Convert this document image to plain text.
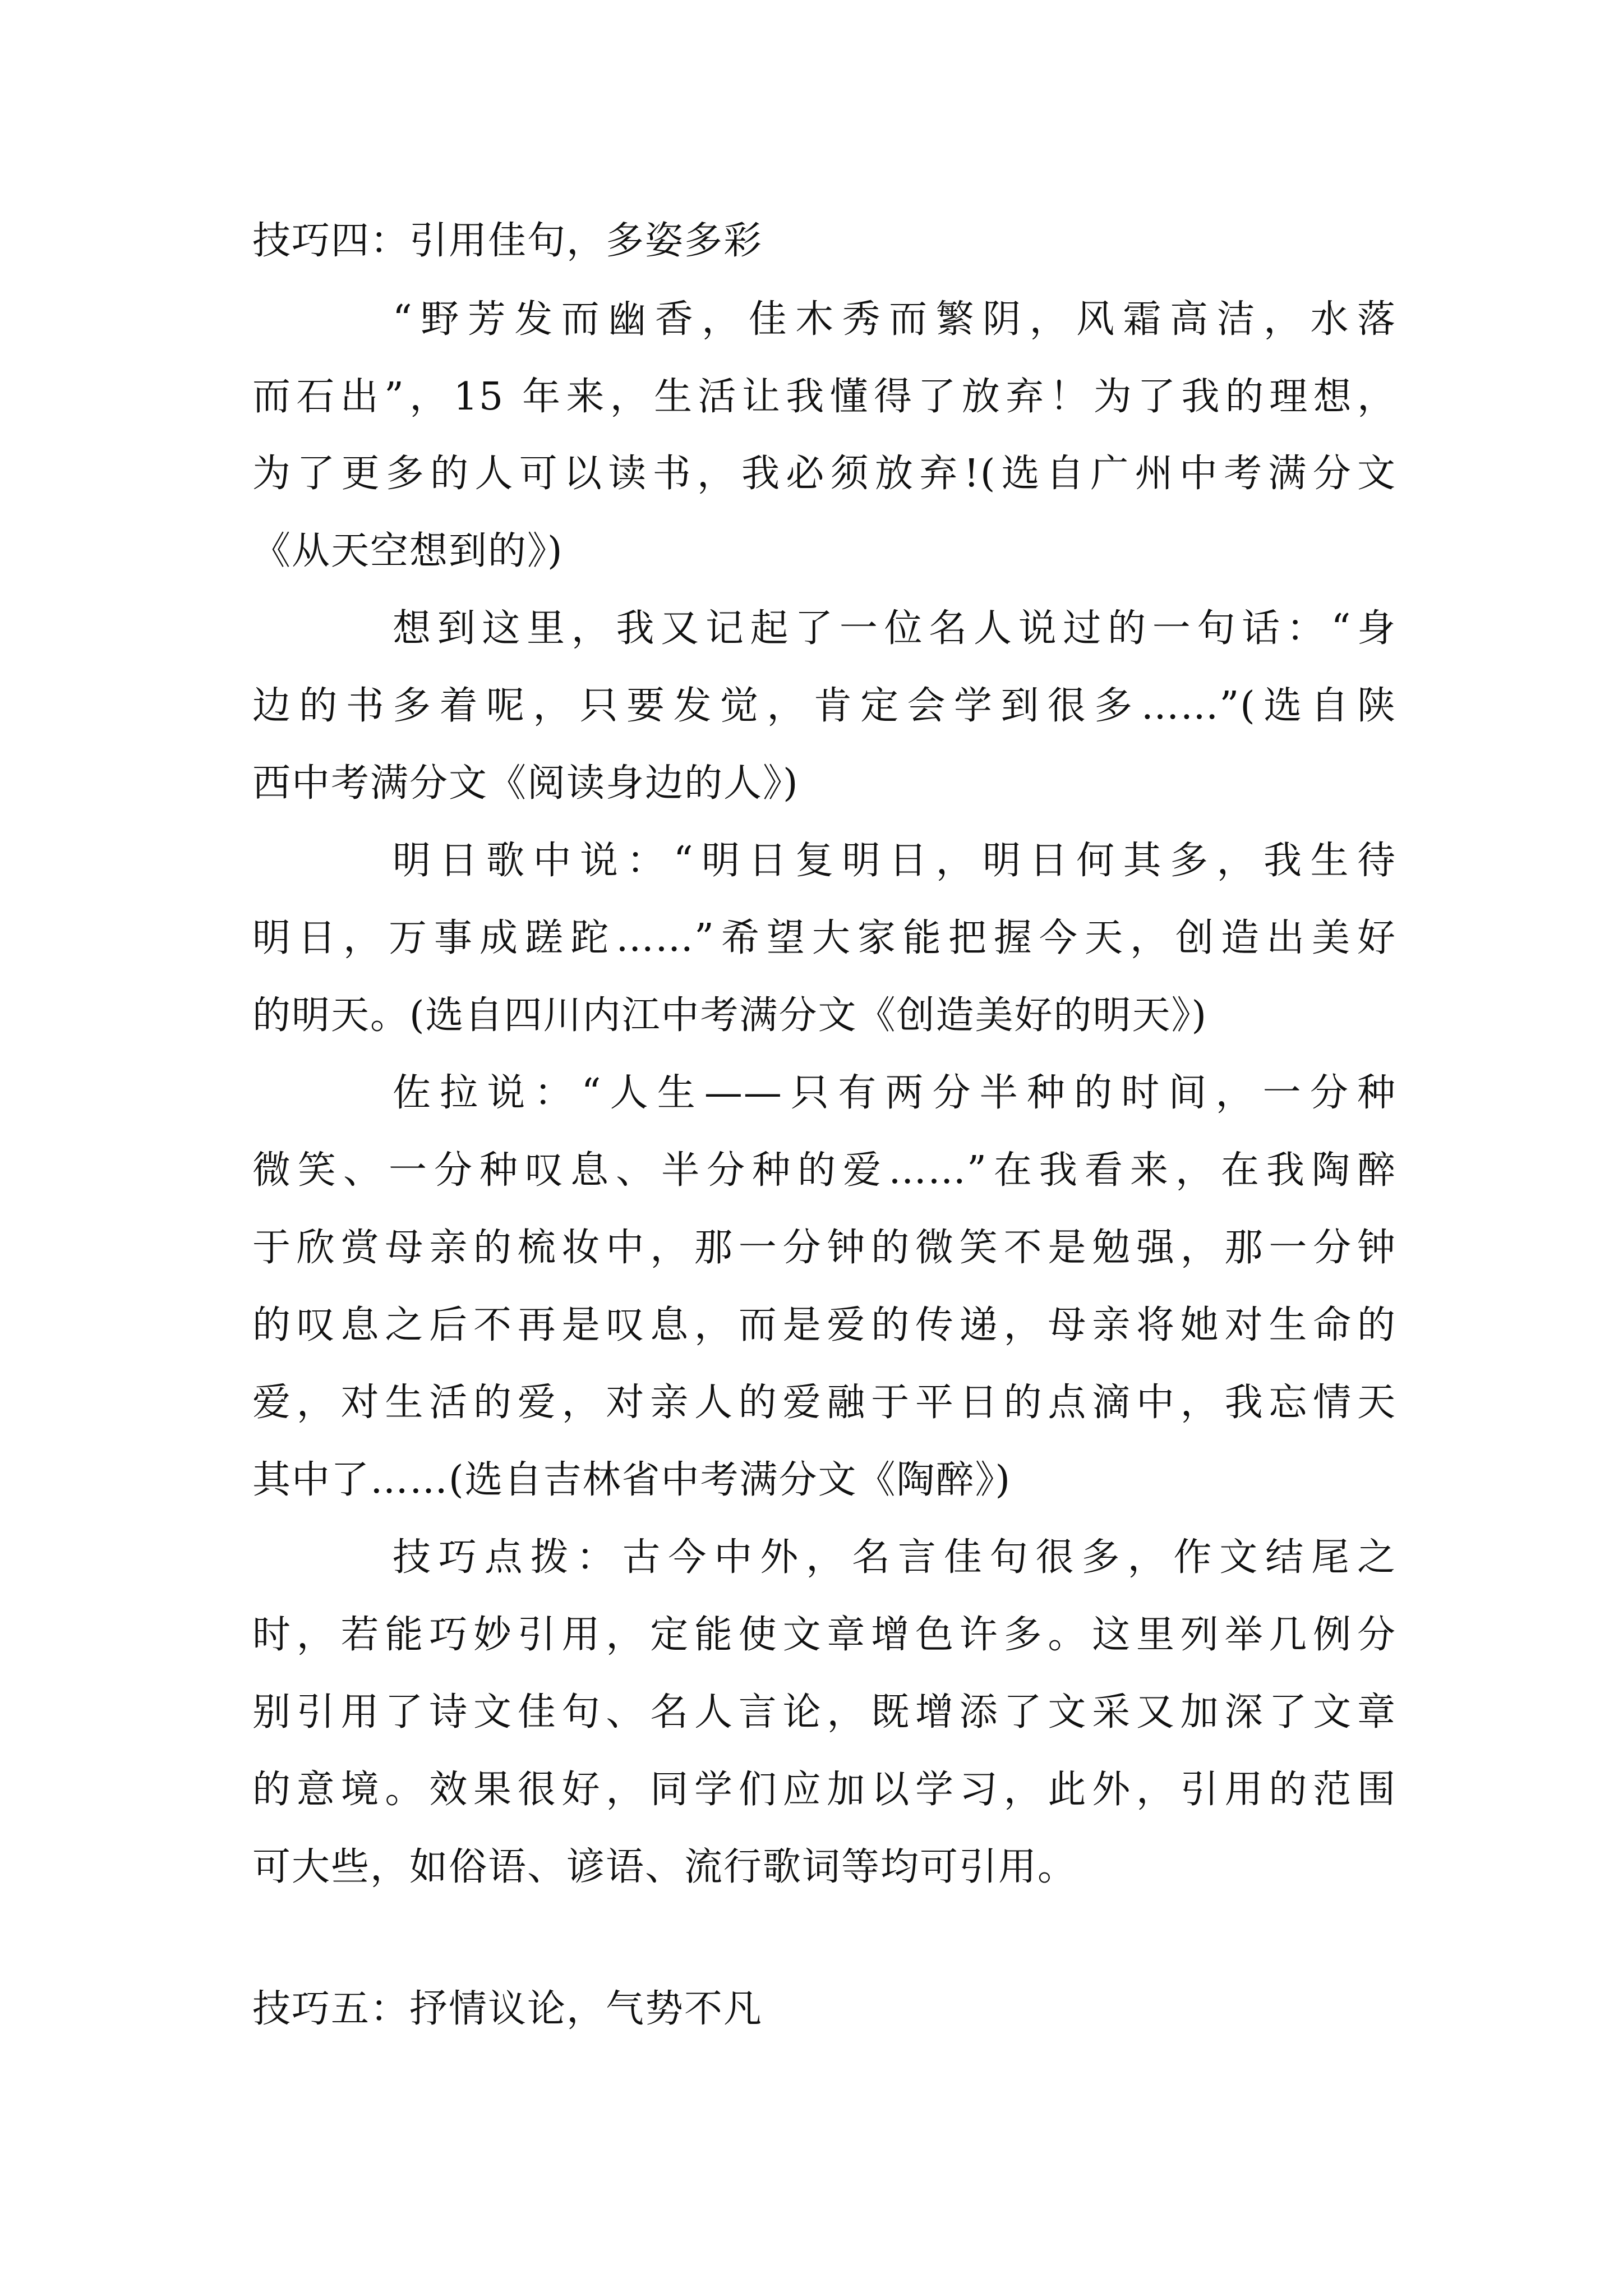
技巧四：引用佳句，多姿多彩
“野芳发而幽香，佳木秀而繁阴，风霜高洁，水落
而石出”，15 年来，生活让我懂得了放弃！为了我的理想，
为了更多的人可以读书，我必须放弃!(选自广州中考满分文
《从天空想到的》)
想到这里，我又记起了一位名人说过的一句话：“身
边的书多着呢，只要发觉，肯定会学到很多……”(选自陕
西中考满分文《阅读身边的人》)
明日歌中说：“明日复明日，明日何其多，我生待
明日，万事成蹉跎……”希望大家能把握今天，创造出美好
的明天。(选自四川内江中考满分文《创造美好的明天》)
佐拉说：“人生——只有两分半种的时间，一分种
微笑、一分种叹息、半分种的爱……”在我看来，在我陶醉
于欣赏母亲的梳妆中，那一分钟的微笑不是勉强，那一分钟
的叹息之后不再是叹息，而是爱的传递，母亲将她对生命的
爱，对生活的爱，对亲人的爱融于平日的点滴中，我忘情天
其中了……(选自吉林省中考满分文《陶醉》)
技巧点拨：古今中外，名言佳句很多，作文结尾之
时，若能巧妙引用，定能使文章增色许多。这里列举几例分
别引用了诗文佳句、名人言论，既增添了文采又加深了文章
的意境。效果很好，同学们应加以学习，此外，引用的范围
可大些，如俗语、谚语、流行歌词等均可引用。
技巧五：抒情议论，气势不凡
